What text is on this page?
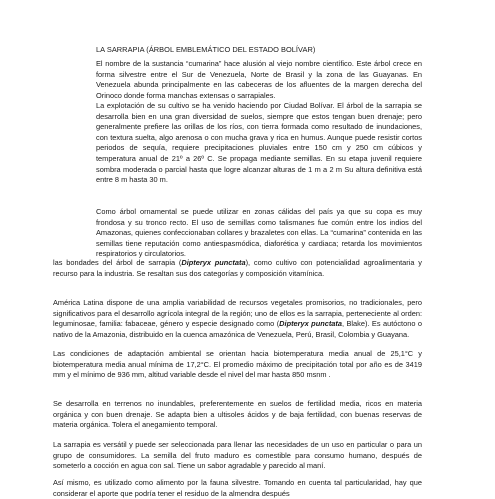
LA SARRAPIA (ÁRBOL EMBLEMÁTICO DEL ESTADO BOLÍVAR)

El nombre de la sustancia “cumarina” hace alusión al viejo nombre científico. Este árbol crece en forma silvestre entre el Sur de Venezuela, Norte de Brasil y la zona de las Guayanas. En Venezuela abunda principalmente en las cabeceras de los afluentes de la margen derecha del Orinoco donde forma manchas extensas o sarrapiales.

La explotación de su cultivo se ha venido haciendo por Ciudad Bolívar. El árbol de la sarrapia se desarrolla bien en una gran diversidad de suelos, siempre que estos tengan buen drenaje; pero generalmente prefiere las orillas de los ríos, con tierra formada como resultado de inundaciones, con textura suelta, algo arenosa o con mucha grava y rica en humus. Aunque puede resistir cortos periodos de sequía, requiere precipitaciones pluviales entre 150 cm y 250 cm cúbicos y temperatura anual de 21º a 26º C. Se propaga mediante semillas. En su etapa juvenil requiere sombra moderada o parcial hasta que logre alcanzar alturas de 1 m a 2 m Su altura definitiva está entre 8 m hasta 30 m.

Como árbol ornamental se puede utilizar en zonas cálidas del país ya que su copa es muy frondosa y su tronco recto. El uso de semillas como talismanes fue común entre los indios del Amazonas, quienes confeccionaban collares y brazaletes con ellas. La “cumarina” contenida en las semillas tiene reputación como antiespasmódica, diaforética y cardiaca; retarda los movimientos respiratorios y circulatorios.

las bondades del árbol de sarrapia (Dipteryx punctata), como cultivo con potencialidad agroalimentaria y recurso para la industria. Se resaltan sus dos categorías y composición vitamínica.

América Latina dispone de una amplia variabilidad de recursos vegetales promisorios, no tradicionales, pero significativos para el desarrollo agrícola integral de la región; uno de ellos es la sarrapia, perteneciente al orden: leguminosae, familia: fabaceae, género y especie designado como (Dipteryx punctata, Blake). Es autóctono o nativo de la Amazonia, distribuido en la cuenca amazónica de Venezuela, Perú, Brasil, Colombia y Guayana.

Las condiciones de adaptación ambiental se orientan hacia biotemperatura media anual de 25,1°C y biotemperatura media anual mínima de 17,2°C. El promedio máximo de precipitación total por año es de 3419 mm y el mínimo de 936 mm, altitud variable desde el nivel del mar hasta 850 msnm .

Se desarrolla en terrenos no inundables, preferentemente en suelos de fertilidad media, ricos en materia orgánica y con buen drenaje. Se adapta bien a ultisoles ácidos y de baja fertilidad, con buenas reservas de materia orgánica. Tolera el anegamiento temporal.

La sarrapia es versátil y puede ser seleccionada para llenar las necesidades de un uso en particular o para un grupo de consumidores. La semilla del fruto maduro es comestible para consumo humano, después de someterlo a cocción en agua con sal. Tiene un sabor agradable y parecido al maní.

Así mismo, es utilizado como alimento por la fauna silvestre. Tomando en cuenta tal particularidad, hay que considerar el aporte que podría tener el residuo de la almendra después
